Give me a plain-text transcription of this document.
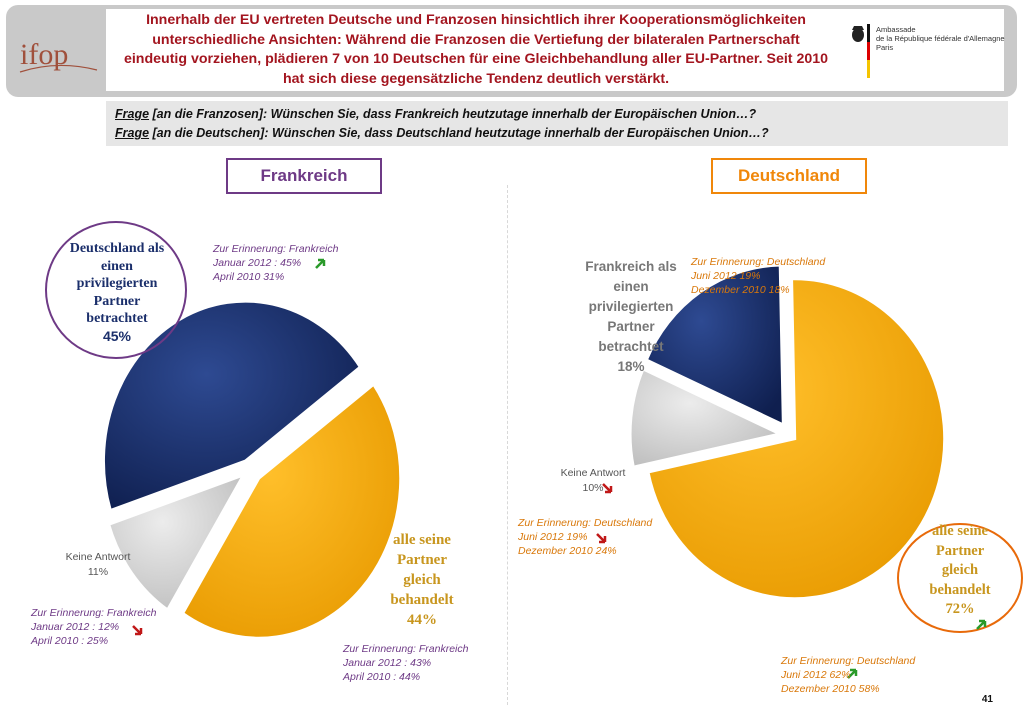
ifop
Innerhalb der EU vertreten Deutsche und Franzosen hinsichtlich ihrer Kooperationsmöglichkeiten unterschiedliche Ansichten: Während die Franzosen die Vertiefung der bilateralen Partnerschaft eindeutig vorziehen, plädieren 7 von 10 Deutschen für eine Gleichbehandlung aller EU-Partner. Seit 2010 hat sich diese gegensätzliche Tendenz deutlich verstärkt.
Ambassade
de la République fédérale d'Allemagne
Paris
Frage [an die Franzosen]: Wünschen Sie, dass Frankreich heutzutage innerhalb der Europäischen Union…?
Frage [an die Deutschen]: Wünschen Sie, dass Deutschland heutzutage innerhalb der Europäischen Union…?
Frankreich	Deutschland
Deutschland als
einen
privilegierten
Partner
betrachtet
45%
Zur Erinnerung: Frankreich
Januar 2012 : 45%
April 2010 31%
Keine Antwort
11%
Zur Erinnerung: Frankreich
Januar 2012 : 12%
April 2010 : 25%
alle seine
Partner
gleich
behandelt
44%
Zur Erinnerung: Frankreich
Januar 2012 : 43%
April 2010 : 44%
Frankreich als
einen
privilegierten
Partner
betrachtet
18%
Zur Erinnerung: Deutschland
Juni 2012 19%
Dezember 2010 18%
Keine Antwort
10%
Zur Erinnerung: Deutschland
Juni 2012 19%
Dezember 2010 24%
alle seine
Partner
gleich
behandelt
72%
Zur Erinnerung: Deutschland
Juni 2012 62%
Dezember 2010 58%
41
